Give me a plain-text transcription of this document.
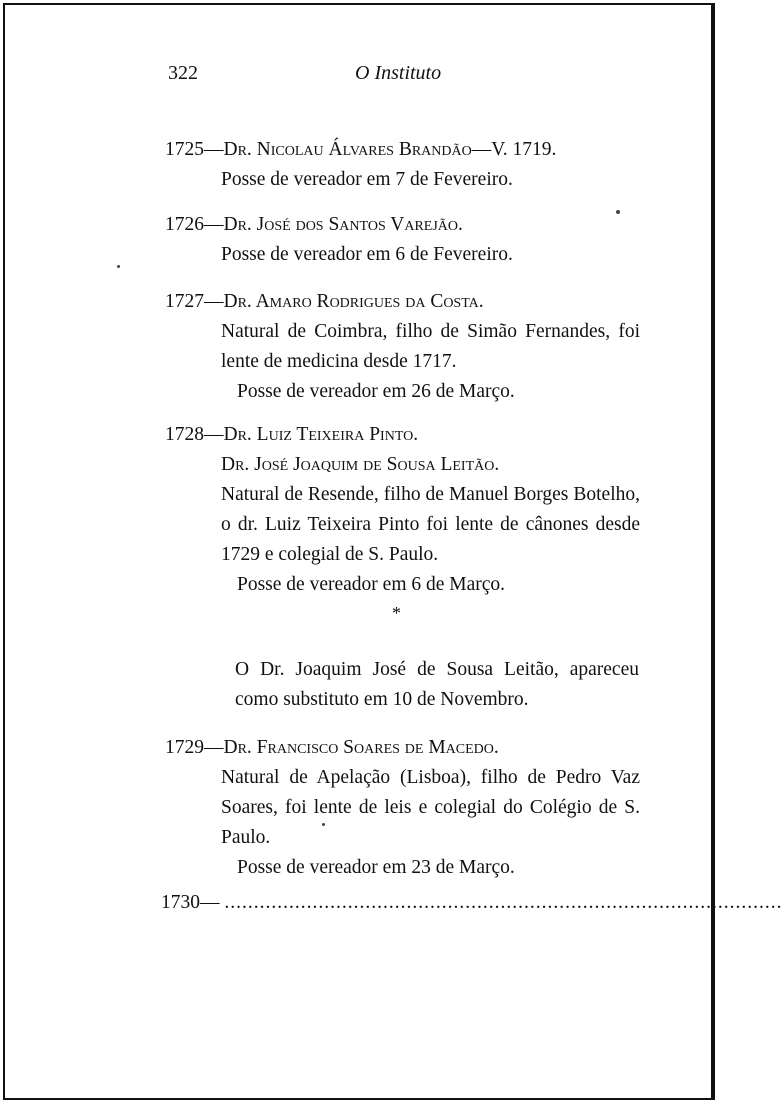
322	O Instituto
1725—Dr. Nicolau Álvares Brandão—V. 1719.
Posse de vereador em 7 de Fevereiro.
1726—Dr. José dos Santos Varejão.
Posse de vereador em 6 de Fevereiro.
1727—Dr. Amaro Rodrigues da Costa.
Natural de Coimbra, filho de Simão Fernandes, foi lente de medicina desde 1717.
Posse de vereador em 26 de Março.
1728—Dr. Luiz Teixeira Pinto.
Dr. José Joaquim de Sousa Leitão.
Natural de Resende, filho de Manuel Borges Botelho, o dr. Luiz Teixeira Pinto foi lente de cânones desde 1729 e colegial de S. Paulo.
Posse de vereador em 6 de Março.
*
O Dr. Joaquim José de Sousa Leitão, apareceu como substituto em 10 de Novembro.
1729—Dr. Francisco Soares de Macedo.
Natural de Apelação (Lisboa), filho de Pedro Vaz Soares, foi lente de leis e colegial do Colégio de S. Paulo.
Posse de vereador em 23 de Março.
1730— ...............................................................................................
